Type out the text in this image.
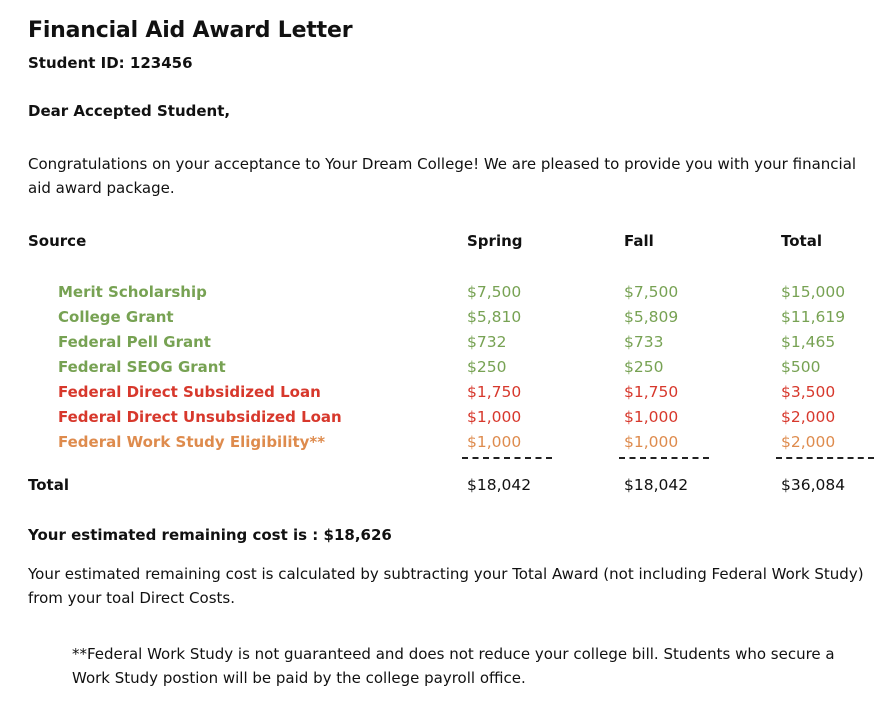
Financial Aid Award Letter
Student ID: 123456
Dear Accepted Student,
Congratulations on your acceptance to Your Dream College! We are pleased to provide you with your financial aid award package.
Source	Spring	Fall	Total
Merit Scholarship	$7,500	$7,500	$15,000
College Grant	$5,810	$5,809	$11,619
Federal Pell Grant	$732	$733	$1,465
Federal SEOG Grant	$250	$250	$500
Federal Direct Subsidized Loan	$1,750	$1,750	$3,500
Federal Direct Unsubsidized Loan	$1,000	$1,000	$2,000
Federal Work Study Eligibility**	$1,000	$1,000	$2,000
Total	$18,042	$18,042	$36,084
Your estimated remaining cost is : $18,626
Your estimated remaining cost is calculated by subtracting your Total Award (not including Federal Work Study) from your toal Direct Costs.
**Federal Work Study is not guaranteed and does not reduce your college bill. Students who secure a Work Study postion will be paid by the college payroll office.
